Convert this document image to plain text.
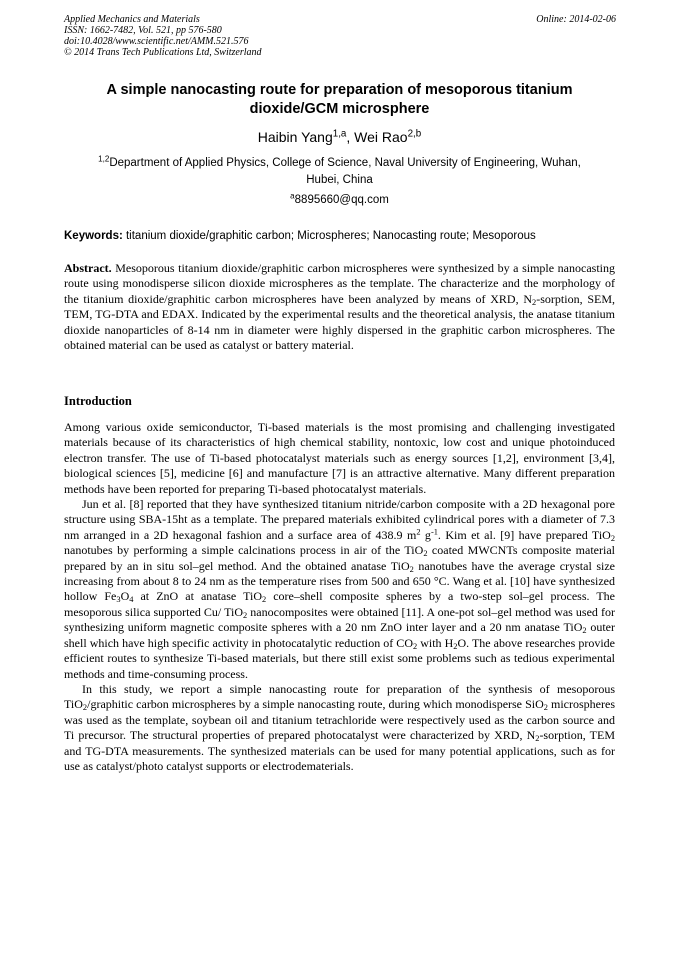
Applied Mechanics and Materials
ISSN: 1662-7482, Vol. 521, pp 576-580
doi:10.4028/www.scientific.net/AMM.521.576
© 2014 Trans Tech Publications Ltd, Switzerland
Online: 2014-02-06
A simple nanocasting route for preparation of mesoporous titanium
dioxide/GCM microsphere
Haibin Yang$^{1,a}$, Wei Rao$^{2,b}$
$^{1,2}$Department of Applied Physics, College of Science, Naval University of Engineering, Wuhan,
Hubei, China
$^a$8895660@qq.com
Keywords: titanium dioxide/graphitic carbon; Microspheres; Nanocasting route; Mesoporous
Abstract. Mesoporous titanium dioxide/graphitic carbon microspheres were synthesized by a simple nanocasting route using monodisperse silicon dioxide microspheres as the template. The characterize and the morphology of the titanium dioxide/graphitic carbon microspheres have been analyzed by means of XRD, $N_2$-sorption, SEM, TEM, TG-DTA and EDAX. Indicated by the experimental results and the theoretical analysis, the anatase titanium dioxide nanoparticles of 8-14 nm in diameter were highly dispersed in the graphitic carbon microspheres. The obtained material can be used as catalyst or battery material.
Introduction

Among various oxide semiconductor, Ti-based materials is the most promising and challenging investigated materials because of its characteristics of high chemical stability, nontoxic, low cost and unique photoinduced electron transfer. The use of Ti-based photocatalyst materials such as energy sources [1,2], environment [3,4], biological sciences [5], medicine [6] and manufacture [7] is an attractive alternative. Many different preparation methods have been reported for preparing Ti-based photocatalyst materials.

Jun et al. [8] reported that they have synthesized titanium nitride/carbon composite with a 2D hexagonal pore structure using SBA-15ht as a template. The prepared materials exhibited cylindrical pores with a diameter of 7.3 nm arranged in a 2D hexagonal fashion and a surface area of 438.9 $m^2$ $g^{-1}$. Kim et al. [9] have prepared TiO$_2$ nanotubes by performing a simple calcinations process in air of the TiO$_2$ coated MWCNTs composite material prepared by an in situ sol–gel method. And the obtained anatase TiO$_2$ nanotubes have the average crystal size increasing from about 8 to 24 nm as the temperature rises from 500 and 650 °C. Wang et al. [10] have synthesized hollow $Fe_3O_4$ at ZnO at anatase TiO$_2$ core–shell composite spheres by a two-step sol–gel process. The mesoporous silica supported Cu/ TiO$_2$ nanocomposites were obtained [11]. A one-pot sol–gel method was used for synthesizing uniform magnetic composite spheres with a 20 nm ZnO inter layer and a 20 nm anatase TiO$_2$ outer shell which have high specific activity in photocatalytic reduction of $CO_2$ with $H_2O$. The above researches provide efficient routes to synthesize Ti-based materials, but there still exist some problems such as tedious experimental methods and time-consuming process.

In this study, we report a simple nanocasting route for preparation of the synthesis of mesoporous TiO$_2$/graphitic carbon microspheres by a simple nanocasting route, during which monodisperse SiO$_2$ microspheres was used as the template, soybean oil and titanium tetrachloride were respectively used as the carbon source and Ti precursor. The structural properties of prepared photocatalyst were characterized by XRD, $N_2$-sorption, TEM and TG-DTA measurements. The synthesized materials can be used for many potential applications, such as for use as catalyst/photo catalyst supports or electrodematerials.
